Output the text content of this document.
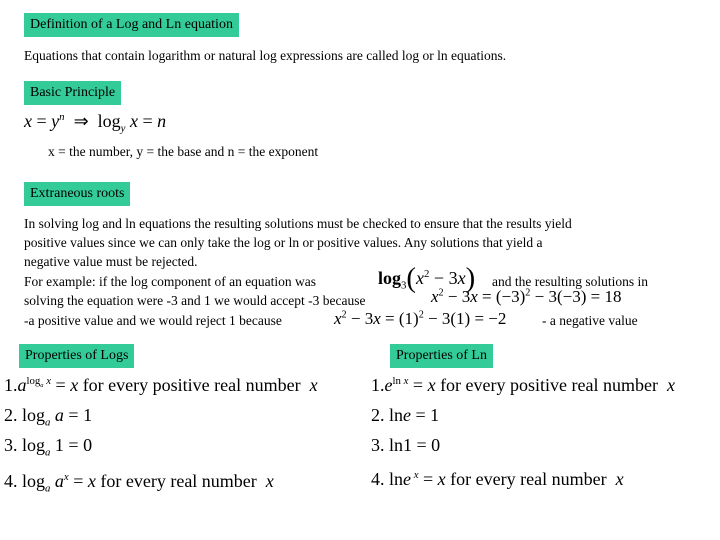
Definition of a Log and Ln equation
Equations that contain logarithm or natural log expressions are called log or ln equations.
Basic Principle
$x = y^n$  ⇒  $\log_y x = n$
x = the number, y = the base and n = the exponent
Extraneous roots
In solving log and ln equations the resulting solutions must be checked to ensure that the results yield
positive values since we can only take the log or ln or positive values. Any solutions that yield a
negative value must be rejected.
For example: if the log component of an equation was	$\log_3(x^2 - 3x)$ and the resulting solutions in
solving the equation were -3 and 1 we would accept -3 because	$x^2 - 3x = (-3)^2 - 3(-3) = 18$
-a positive value and we would reject 1 because	$x^2 - 3x = (1)^2 - 3(1) = -2$	- a negative value
Properties of Logs
$1.a^{log_a x} = x$ for every positive real number x
2. $\log_a a = 1$
3. $\log_a 1 = 0$
4. $\log_a a^x = x$ for every real number x
Properties of Ln
$1.e^{ln x} = x$ for every positive real number x
2. lne = 1
3. ln1 = 0
4. lne $^x$ = x for every real number x
